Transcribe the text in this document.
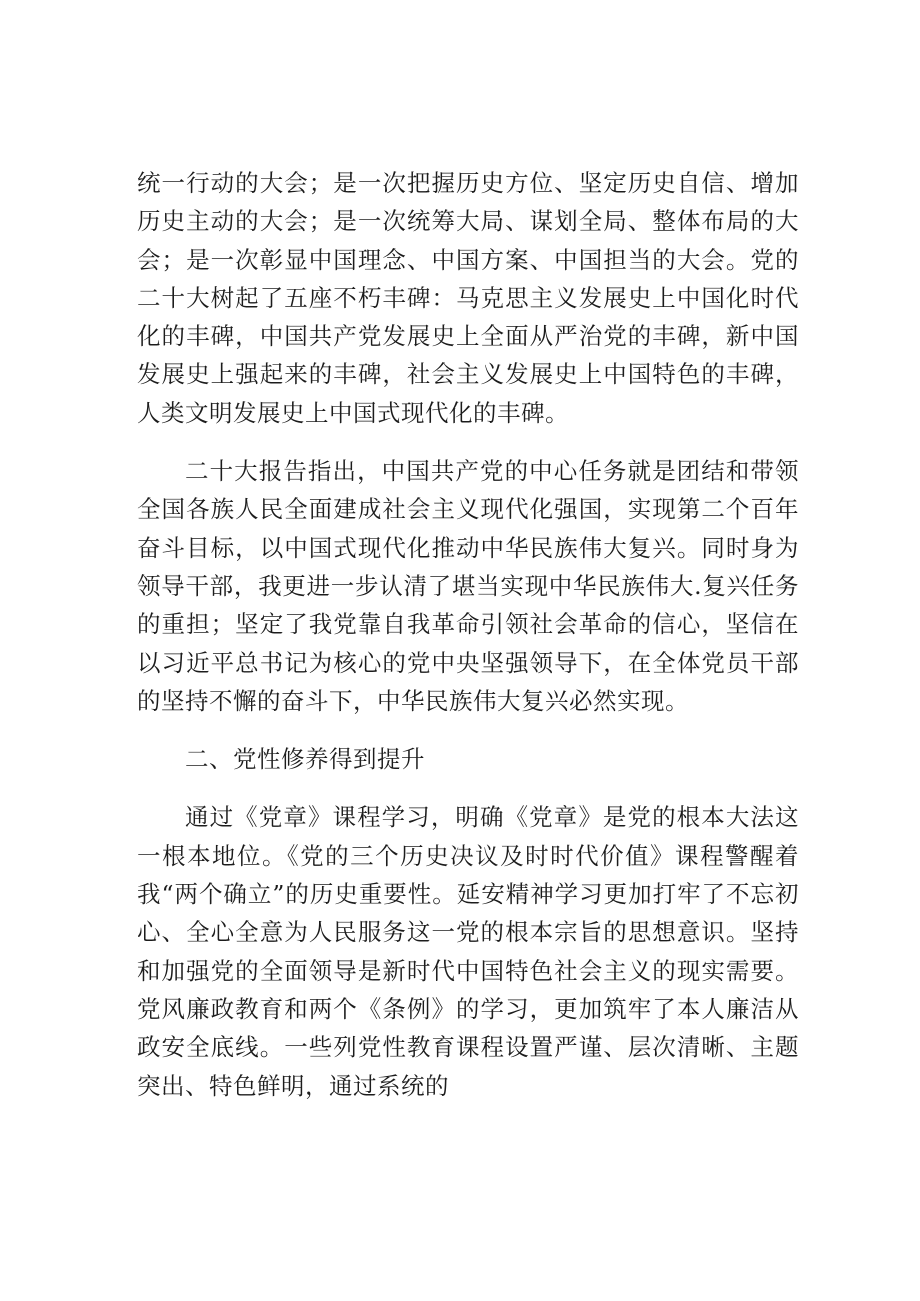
统一行动的大会；是一次把握历史方位、坚定历史自信、增加历史主动的大会；是一次统筹大局、谋划全局、整体布局的大会；是一次彰显中国理念、中国方案、中国担当的大会。党的二十大树起了五座不朽丰碑：马克思主义发展史上中国化时代化的丰碑，中国共产党发展史上全面从严治党的丰碑，新中国发展史上强起来的丰碑，社会主义发展史上中国特色的丰碑，人类文明发展史上中国式现代化的丰碑。

二十大报告指出，中国共产党的中心任务就是团结和带领全国各族人民全面建成社会主义现代化强国，实现第二个百年奋斗目标，以中国式现代化推动中华民族伟大复兴。同时身为领导干部，我更进一步认清了堪当实现中华民族伟大.复兴任务的重担；坚定了我党靠自我革命引领社会革命的信心，坚信在以习近平总书记为核心的党中央坚强领导下，在全体党员干部的坚持不懈的奋斗下，中华民族伟大复兴必然实现。

二、党性修养得到提升

通过《党章》课程学习，明确《党章》是党的根本大法这一根本地位。《党的三个历史决议及时时代价值》课程警醒着我“两个确立”的历史重要性。延安精神学习更加打牢了不忘初心、全心全意为人民服务这一党的根本宗旨的思想意识。坚持和加强党的全面领导是新时代中国特色社会主义的现实需要。党风廉政教育和两个《条例》的学习，更加筑牢了本人廉洁从政安全底线。一些列党性教育课程设置严谨、层次清晰、主题突出、特色鲜明，通过系统的
